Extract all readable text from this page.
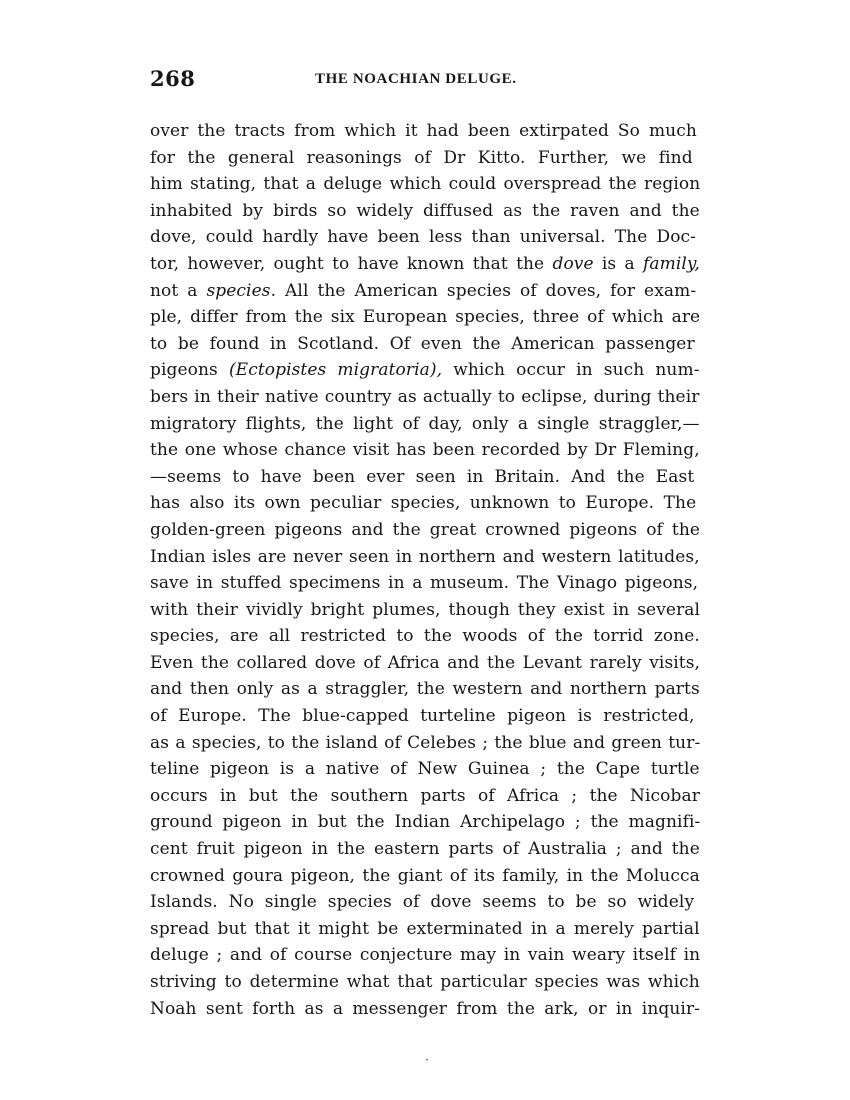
268	THE NOACHIAN DELUGE.
over the tracts from which it had been extirpated So much
for the general reasonings of Dr Kitto. Further, we find
him stating, that a deluge which could overspread the region
inhabited by birds so widely diffused as the raven and the
dove, could hardly have been less than universal. The Doc-
tor, however, ought to have known that the dove is a family,
not a species. All the American species of doves, for exam-
ple, differ from the six European species, three of which are
to be found in Scotland. Of even the American passenger
pigeons (Ectopistes migratoria), which occur in such num-
bers in their native country as actually to eclipse, during their
migratory flights, the light of day, only a single straggler,—
the one whose chance visit has been recorded by Dr Fleming,
—seems to have been ever seen in Britain. And the East
has also its own peculiar species, unknown to Europe. The
golden-green pigeons and the great crowned pigeons of the
Indian isles are never seen in northern and western latitudes,
save in stuffed specimens in a museum. The Vinago pigeons,
with their vividly bright plumes, though they exist in several
species, are all restricted to the woods of the torrid zone.
Even the collared dove of Africa and the Levant rarely visits,
and then only as a straggler, the western and northern parts
of Europe. The blue-capped turteline pigeon is restricted,
as a species, to the island of Celebes ; the blue and green tur-
teline pigeon is a native of New Guinea ; the Cape turtle
occurs in but the southern parts of Africa ; the Nicobar
ground pigeon in but the Indian Archipelago ; the magnifi-
cent fruit pigeon in the eastern parts of Australia ; and the
crowned goura pigeon, the giant of its family, in the Molucca
Islands. No single species of dove seems to be so widely
spread but that it might be exterminated in a merely partial
deluge ; and of course conjecture may in vain weary itself in
striving to determine what that particular species was which
Noah sent forth as a messenger from the ark, or in inquir-
·
